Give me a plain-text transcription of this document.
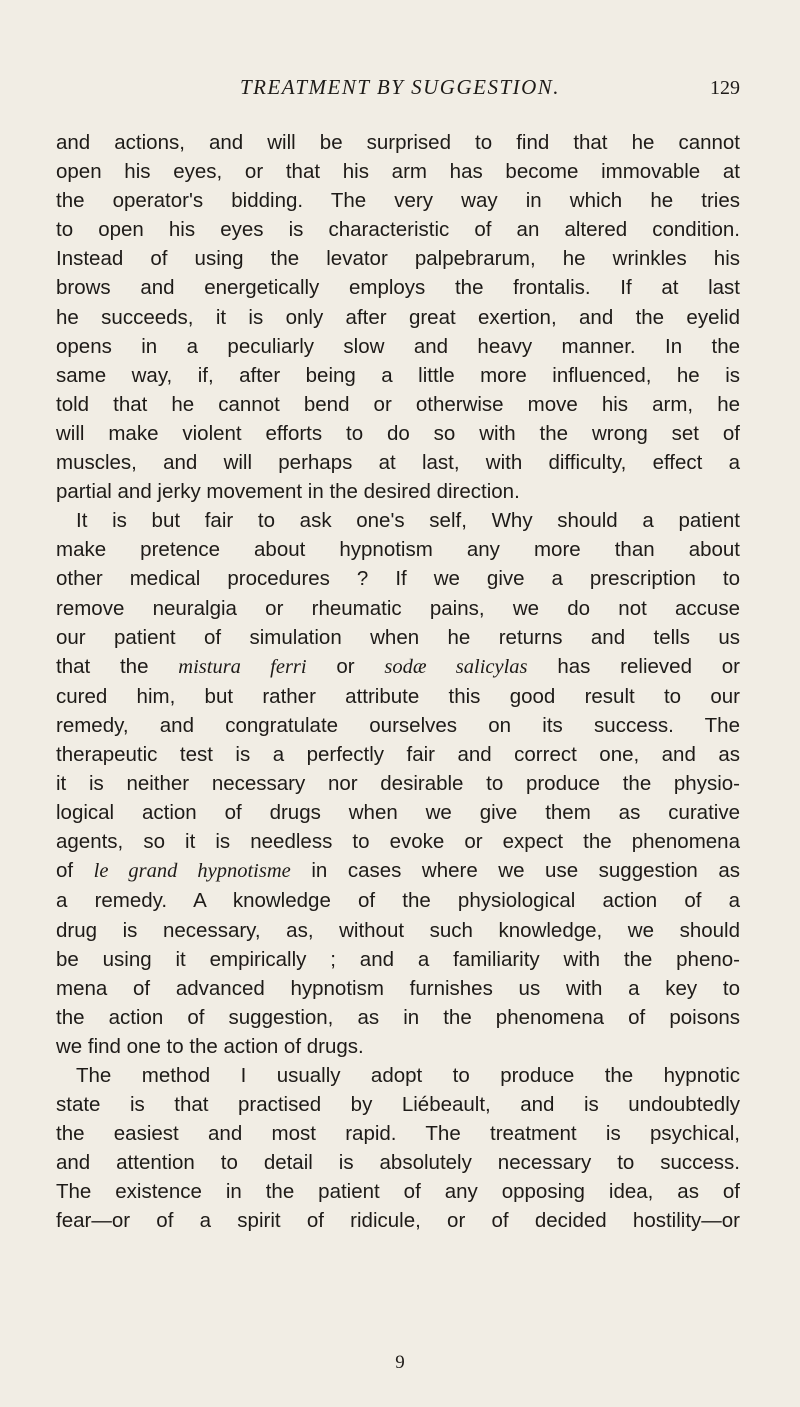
TREATMENT BY SUGGESTION.	129
and actions, and will be surprised to find that he cannot
open his eyes, or that his arm has become immovable at
the operator's bidding. The very way in which he tries
to open his eyes is characteristic of an altered condition.
Instead of using the levator palpebrarum, he wrinkles his
brows and energetically employs the frontalis. If at last
he succeeds, it is only after great exertion, and the eyelid
opens in a peculiarly slow and heavy manner. In the
same way, if, after being a little more influenced, he is
told that he cannot bend or otherwise move his arm, he
will make violent efforts to do so with the wrong set of
muscles, and will perhaps at last, with difficulty, effect a
partial and jerky movement in the desired direction.
It is but fair to ask one's self, Why should a patient
make pretence about hypnotism any more than about
other medical procedures ? If we give a prescription to
remove neuralgia or rheumatic pains, we do not accuse
our patient of simulation when he returns and tells us
that the mistura ferri or sodæ salicylas has relieved or
cured him, but rather attribute this good result to our
remedy, and congratulate ourselves on its success. The
therapeutic test is a perfectly fair and correct one, and as
it is neither necessary nor desirable to produce the physio-
logical action of drugs when we give them as curative
agents, so it is needless to evoke or expect the phenomena
of le grand hypnotisme in cases where we use suggestion as
a remedy. A knowledge of the physiological action of a
drug is necessary, as, without such knowledge, we should
be using it empirically ; and a familiarity with the pheno-
mena of advanced hypnotism furnishes us with a key to
the action of suggestion, as in the phenomena of poisons
we find one to the action of drugs.
The method I usually adopt to produce the hypnotic
state is that practised by Liébeault, and is undoubtedly
the easiest and most rapid. The treatment is psychical,
and attention to detail is absolutely necessary to success.
The existence in the patient of any opposing idea, as of
fear—or of a spirit of ridicule, or of decided hostility—or
9
